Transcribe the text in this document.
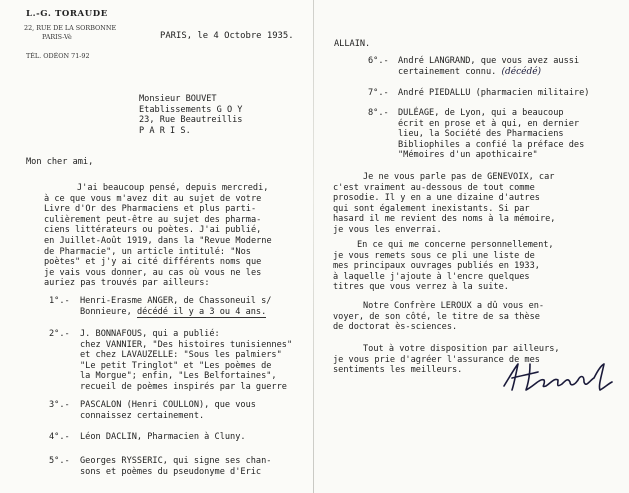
L.-G. TORAUDE
22, RUE DE LA SORBONNE
PARIS-Vè
TÉL. ODÉON 71-92
PARIS, le 4 Octobre 1935.
Monsieur BOUVET
Etablissements G O Y
23, Rue Beautreillis
P A R I S.
Mon cher ami,
J'ai beaucoup pensé, depuis mercredi,
à ce que vous m'avez dit au sujet de votre
Livre d'Or des Pharmaciens et plus parti-
culièrement peut-être au sujet des pharma-
ciens littérateurs ou poètes. J'ai publié,
en Juillet-Août 1919, dans la "Revue Moderne
de Pharmacie", un article intitulé: "Nos
poètes" et j'y ai cité différents noms que
je vais vous donner, au cas où vous ne les
auriez pas trouvés par ailleurs:
1°.- Henri-Erasme ANGER, de Chassoneuil s/
Bonnieure, décédé il y a 3 ou 4 ans.
2°.- J. BONNAFOUS, qui a publié:
chez VANNIER, "Des histoires tunisiennes"
et chez LAVAUZELLE: "Sous les palmiers"
"Le petit Tringlot" et "Les poèmes de
la Morgue"; enfin, "Les Belfortaines",
recueil de poèmes inspirés par la guerre
3°.- PASCALON (Henri COULLON), que vous
connaissez certainement.
4°.- Léon DACLIN, Pharmacien à Cluny.
5°.- Georges RYSSERIC, qui signe ses chan-
sons et poèmes du pseudonyme d'Eric
ALLAIN.
6°.- André LANGRAND, que vous avez aussi
certainement connu. (décédé)
7°.- André PIEDALLU (pharmacien militaire)
8°.- DULÉAGE, de Lyon, qui a beaucoup
écrit en prose et à qui, en dernier
lieu, la Société des Pharmaciens
Bibliophiles a confié la préface des
"Mémoires d'un apothicaire"
Je ne vous parle pas de GENEVOIX, car
c'est vraiment au-dessous de tout comme
prosodie. Il y en a une dizaine d'autres
qui sont également inexistants. Si par
hasard il me revient des noms à la mémoire,
je vous les enverrai.
En ce qui me concerne personnellement,
je vous remets sous ce pli une liste de
mes principaux ouvrages publiés en 1933,
à laquelle j'ajoute à l'encre quelques
titres que vous verrez à la suite.
Notre Confrère LEROUX a dû vous en-
voyer, de son côté, le titre de sa thèse
de doctorat ès-sciences.
Tout à votre disposition par ailleurs,
je vous prie d'agréer l'assurance de mes
sentiments les meilleurs.
